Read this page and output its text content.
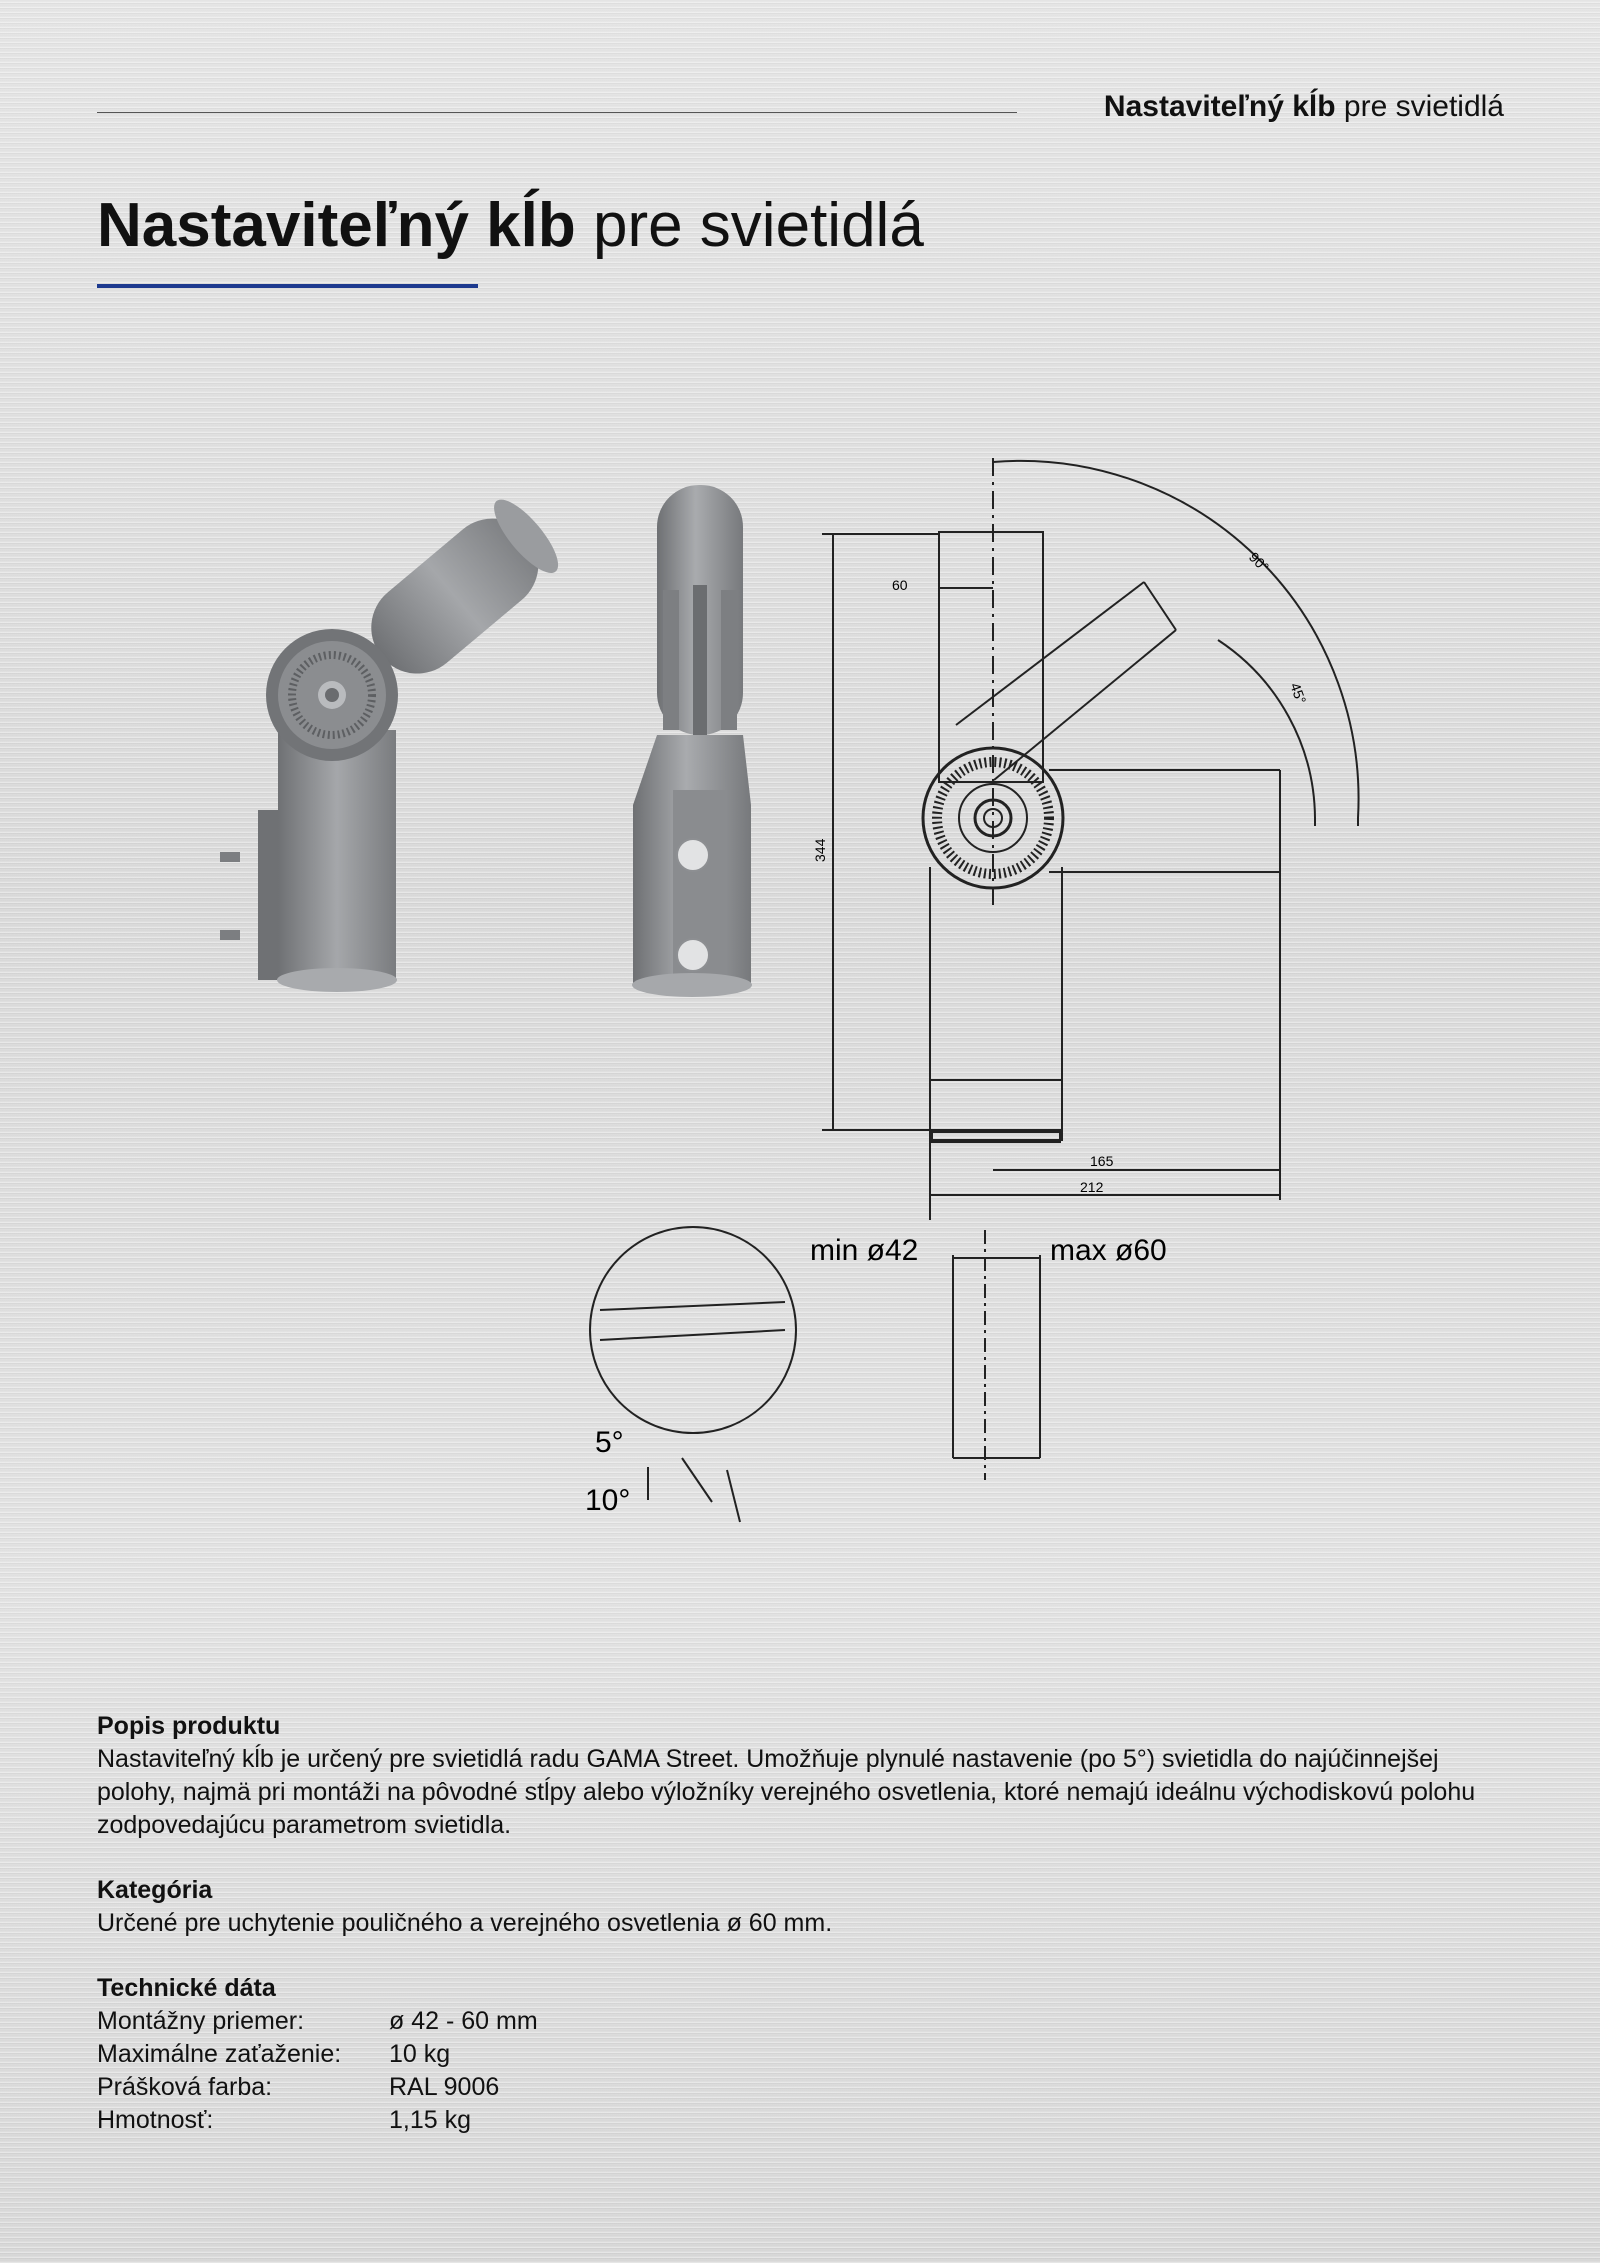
Nastaviteľný kĺb pre svietidlá
Nastaviteľný kĺb pre svietidlá
60
344
165
212
90°
45°
min ø42	max ø60
5°
10°
Popis produktu
Nastaviteľný kĺb je určený pre svietidlá radu GAMA Street. Umožňuje plynulé nastavenie (po 5°) svietidla do najúčinnejšej polohy, najmä pri montáži na pôvodné stĺpy alebo výložníky verejného osvetlenia, ktoré nemajú ideálnu východiskovú polohu zodpovedajúcu parametrom svietidla.
Kategória
Určené pre uchytenie pouličného a verejného osvetlenia ø 60 mm.
Technické dáta
Montážny priemer:	ø 42 - 60 mm
Maximálne zaťaženie:	10 kg
Prášková farba:	RAL 9006
Hmotnosť:	1,15 kg
